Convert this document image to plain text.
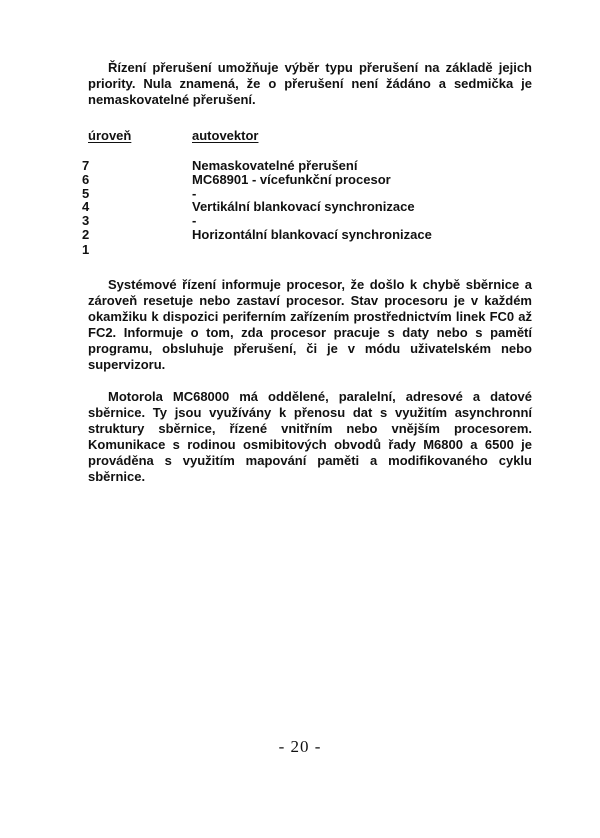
Řízení přerušení umožňuje výběr typu přerušení na základě jejich priority. Nula znamená, že o přerušení není žádáno a sedmička je nemaskovatelné přerušení.

úroveň	autovektor
7	Nemaskovatelné přerušení
6	MC68901 - vícefunkční procesor
5	-
4	Vertikální blankovací synchronizace
3	-
2	Horizontální blankovací synchronizace
1

Systémové řízení informuje procesor, že došlo k chybě sběrnice a zároveň resetuje nebo zastaví procesor. Stav procesoru je v každém okamžiku k dispozici periferním zařízením prostřednictvím linek FC0 až FC2. Informuje o tom, zda procesor pracuje s daty nebo s pamětí programu, obsluhuje přerušení, či je v módu uživatelském nebo supervizoru.

Motorola MC68000 má oddělené, paralelní, adresové a datové sběrnice. Ty jsou využívány k přenosu dat s využitím asynchronní struktury sběrnice, řízené vnitřním nebo vnějším procesorem. Komunikace s rodinou osmibitových obvodů řady M6800 a 6500 je prováděna s využitím mapování paměti a modifikovaného cyklu sběrnice.

- 20 -
